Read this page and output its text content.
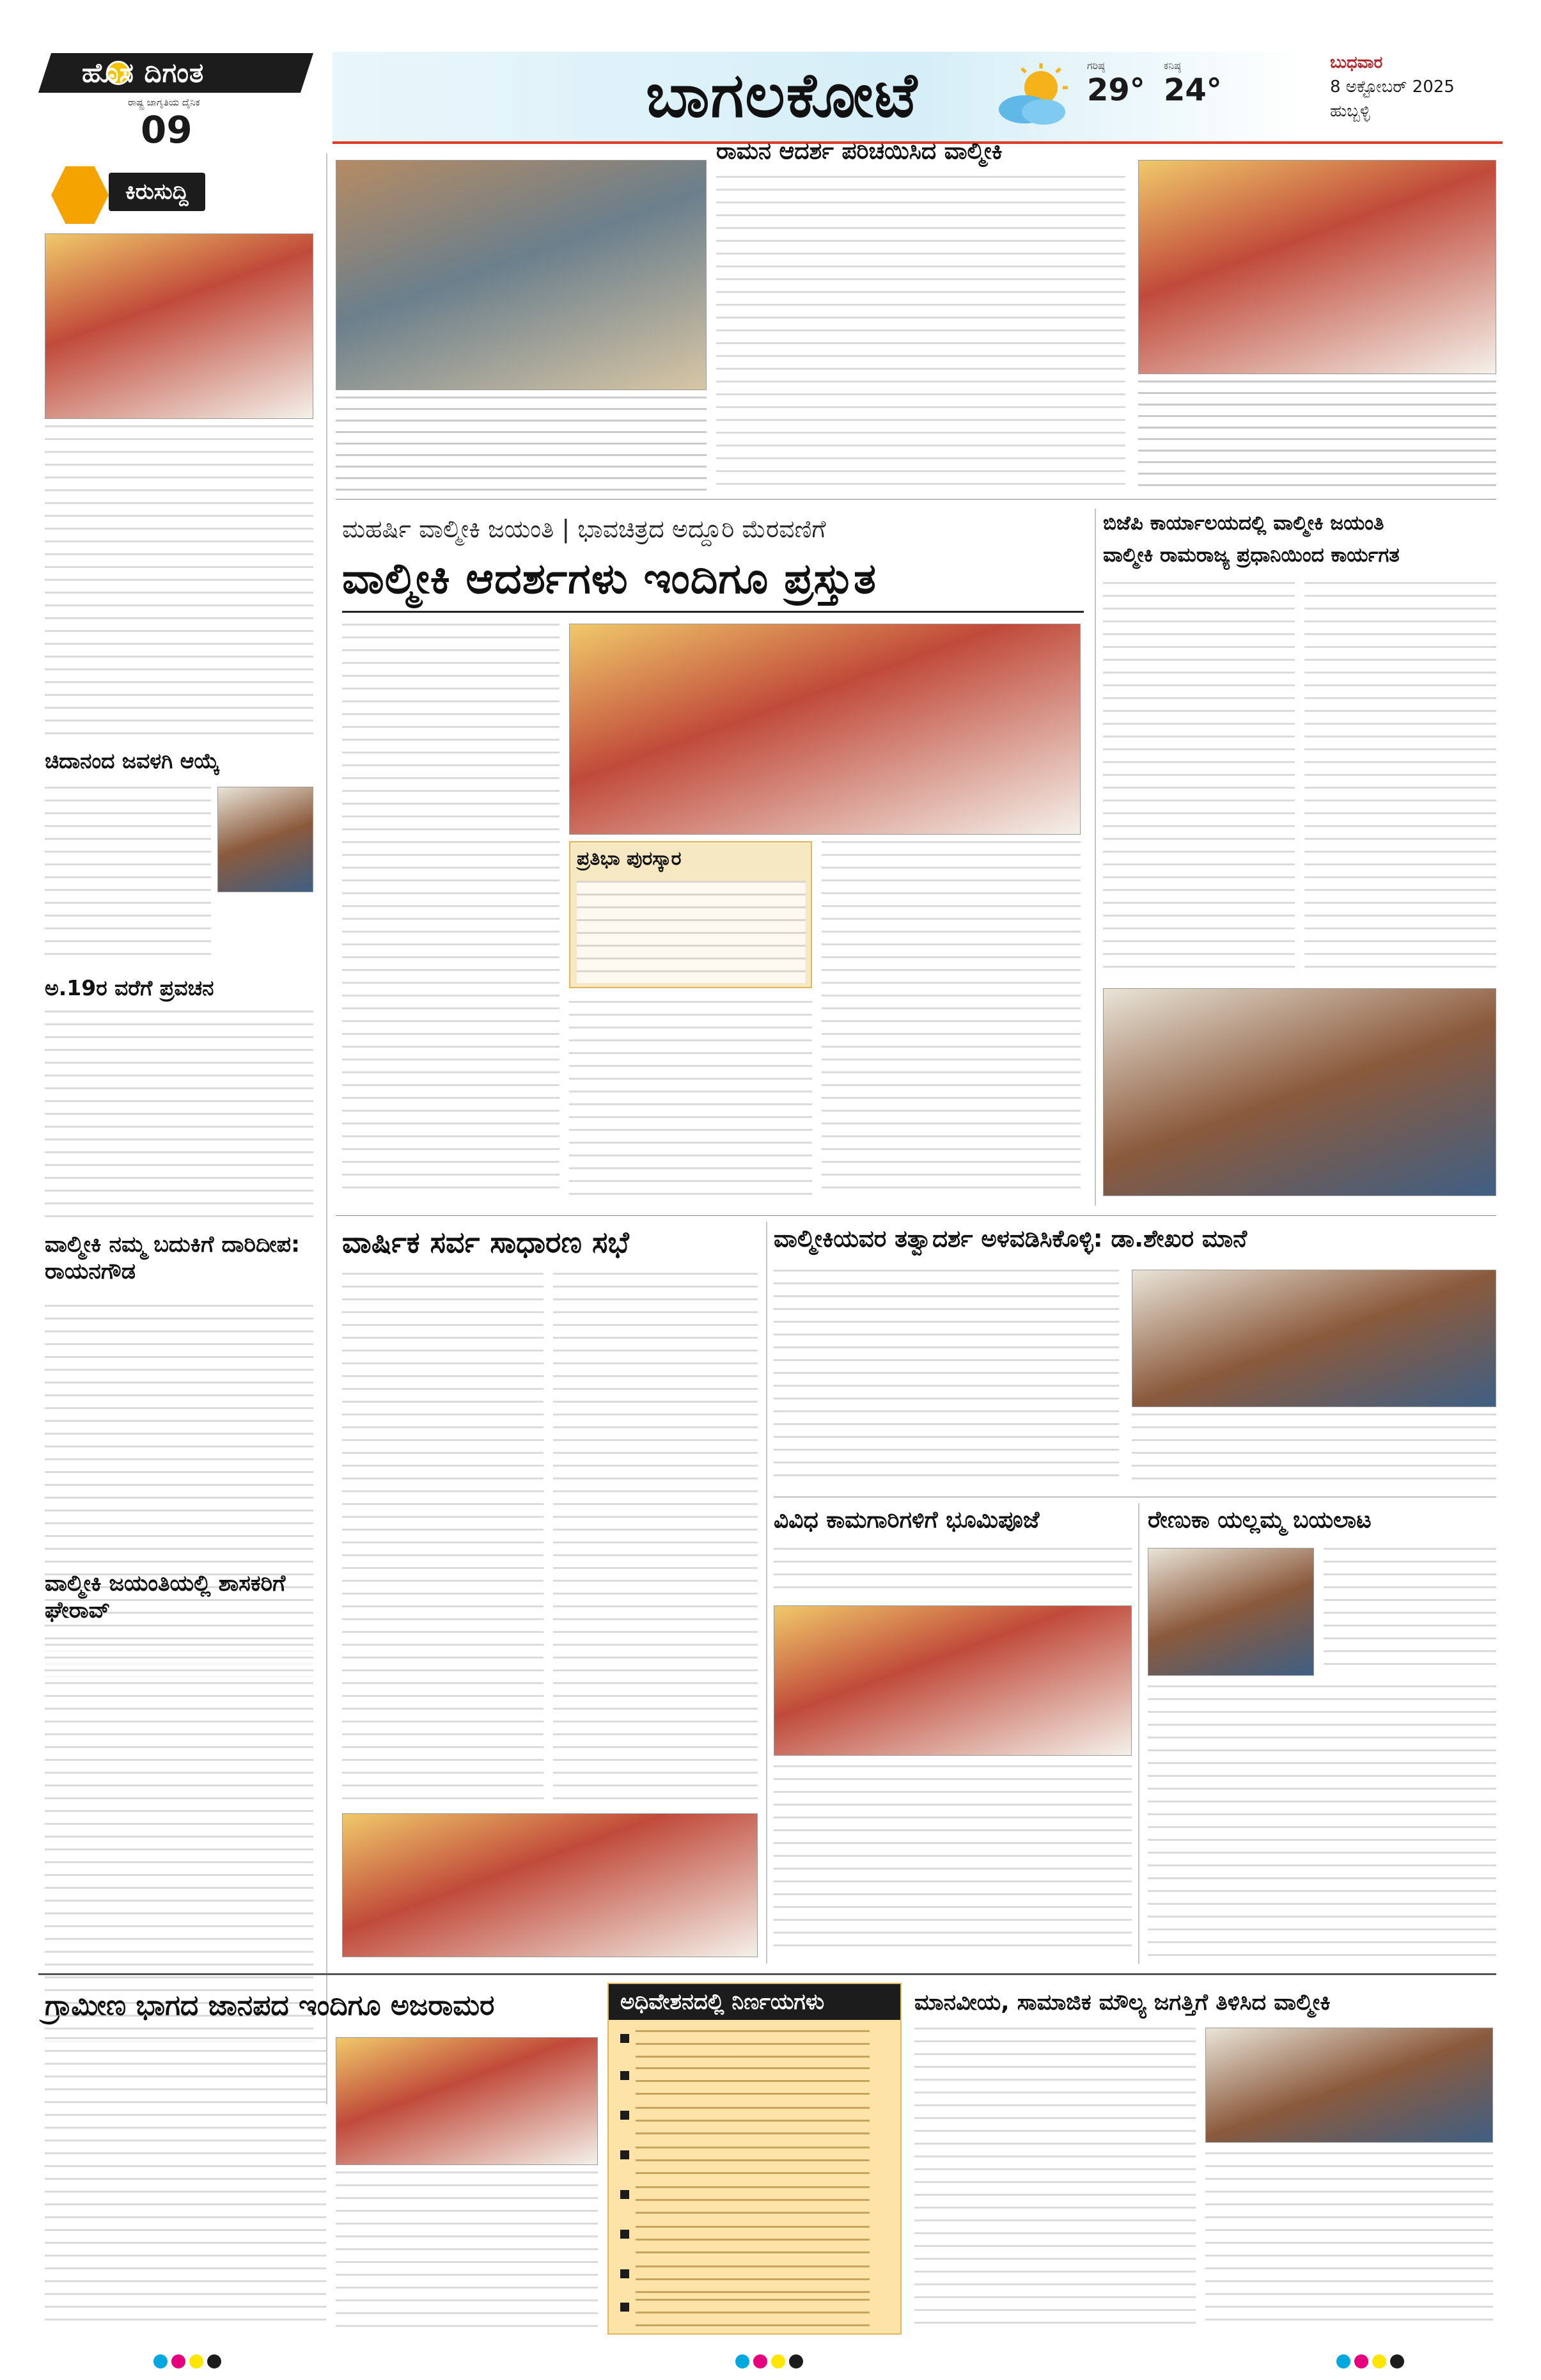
ಹೊಸ ದಿಗಂತ
ರಾಷ್ಟ್ರ ಜಾಗೃತಿಯ ದೈನಿಕ
09	ಬಾಗಲಕೋಟೆ	ಗರಿಷ್ಠ
29°
ಕನಿಷ್ಠ
24°
ಬುಧವಾರ
8 ಅಕ್ಟೋಬರ್ 2025
ಹುಬ್ಬಳ್ಳಿ
ಕಿರುಸುದ್ದಿ
ಚಿದಾನಂದ ಜವಳಗಿ ಆಯ್ಕೆ
ಅ.19ರ ವರೆಗೆ ಪ್ರವಚನ
ವಾಲ್ಮೀಕಿ ನಮ್ಮ ಬದುಕಿಗೆ ದಾರಿದೀಪ: ರಾಯನಗೌಡ
ವಾಲ್ಮೀಕಿ ಜಯಂತಿಯಲ್ಲಿ ಶಾಸಕರಿಗೆ ಘೇರಾವ್
ರಾಮನ ಆದರ್ಶ ಪರಿಚಯಿಸಿದ ವಾಲ್ಮೀಕಿ
ಮಹರ್ಷಿ ವಾಲ್ಮೀಕಿ ಜಯಂತಿ | ಭಾವಚಿತ್ರದ ಅದ್ದೂರಿ ಮೆರವಣಿಗೆ
ವಾಲ್ಮೀಕಿ ಆದರ್ಶಗಳು ಇಂದಿಗೂ ಪ್ರಸ್ತುತ
ಪ್ರತಿಭಾ ಪುರಸ್ಕಾರ
ಬಿಜೆಪಿ ಕಾರ್ಯಾಲಯದಲ್ಲಿ ವಾಲ್ಮೀಕಿ ಜಯಂತಿ
ವಾಲ್ಮೀಕಿ ರಾಮರಾಜ್ಯ ಪ್ರಧಾನಿಯಿಂದ ಕಾರ್ಯಗತ
ವಾರ್ಷಿಕ ಸರ್ವ ಸಾಧಾರಣ ಸಭೆ	ವಾಲ್ಮೀಕಿಯವರ ತತ್ವಾದರ್ಶ ಅಳವಡಿಸಿಕೊಳ್ಳಿ: ಡಾ.ಶೇಖರ ಮಾನೆ
ವಿವಿಧ ಕಾಮಗಾರಿಗಳಿಗೆ ಭೂಮಿಪೂಜೆ	ರೇಣುಕಾ ಯಲ್ಲಮ್ಮ ಬಯಲಾಟ
ಗ್ರಾಮೀಣ ಭಾಗದ ಜಾನಪದ ಇಂದಿಗೂ ಅಜರಾಮರ	ಅಧಿವೇಶನದಲ್ಲಿ ನಿರ್ಣಯಗಳು	ಮಾನವೀಯ, ಸಾಮಾಜಿಕ ಮೌಲ್ಯ ಜಗತ್ತಿಗೆ ತಿಳಿಸಿದ ವಾಲ್ಮೀಕಿ
